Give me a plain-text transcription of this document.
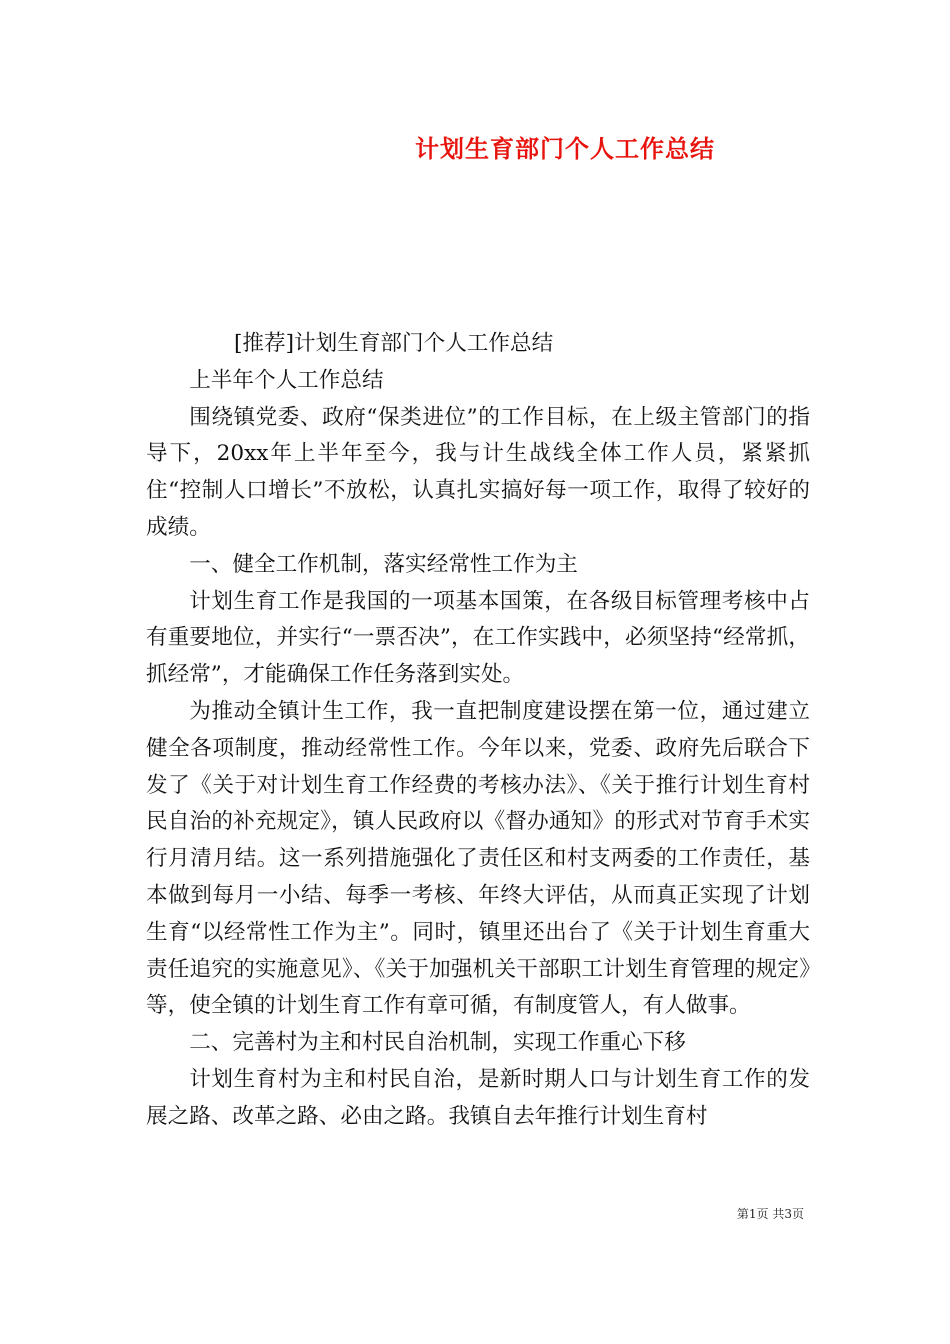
计划生育部门个人工作总结

[推荐]计划生育部门个人工作总结

上半年个人工作总结

围绕镇党委、政府“保类进位”的工作目标，在上级主管部门的指导下，20xx年上半年至今，我与计生战线全体工作人员，紧紧抓住“控制人口增长”不放松，认真扎实搞好每一项工作，取得了较好的成绩。

一、健全工作机制，落实经常性工作为主

计划生育工作是我国的一项基本国策，在各级目标管理考核中占有重要地位，并实行“一票否决”，在工作实践中，必须坚持“经常抓，抓经常”，才能确保工作任务落到实处。

为推动全镇计生工作，我一直把制度建设摆在第一位，通过建立健全各项制度，推动经常性工作。今年以来，党委、政府先后联合下发了《关于对计划生育工作经费的考核办法》、《关于推行计划生育村民自治的补充规定》，镇人民政府以《督办通知》的形式对节育手术实行月清月结。这一系列措施强化了责任区和村支两委的工作责任，基本做到每月一小结、每季一考核、年终大评估，从而真正实现了计划生育“以经常性工作为主”。同时，镇里还出台了《关于计划生育重大责任追究的实施意见》、《关于加强机关干部职工计划生育管理的规定》等，使全镇的计划生育工作有章可循，有制度管人，有人做事。

二、完善村为主和村民自治机制，实现工作重心下移

计划生育村为主和村民自治，是新时期人口与计划生育工作的发展之路、改革之路、必由之路。我镇自去年推行计划生育村

第1页 共3页
